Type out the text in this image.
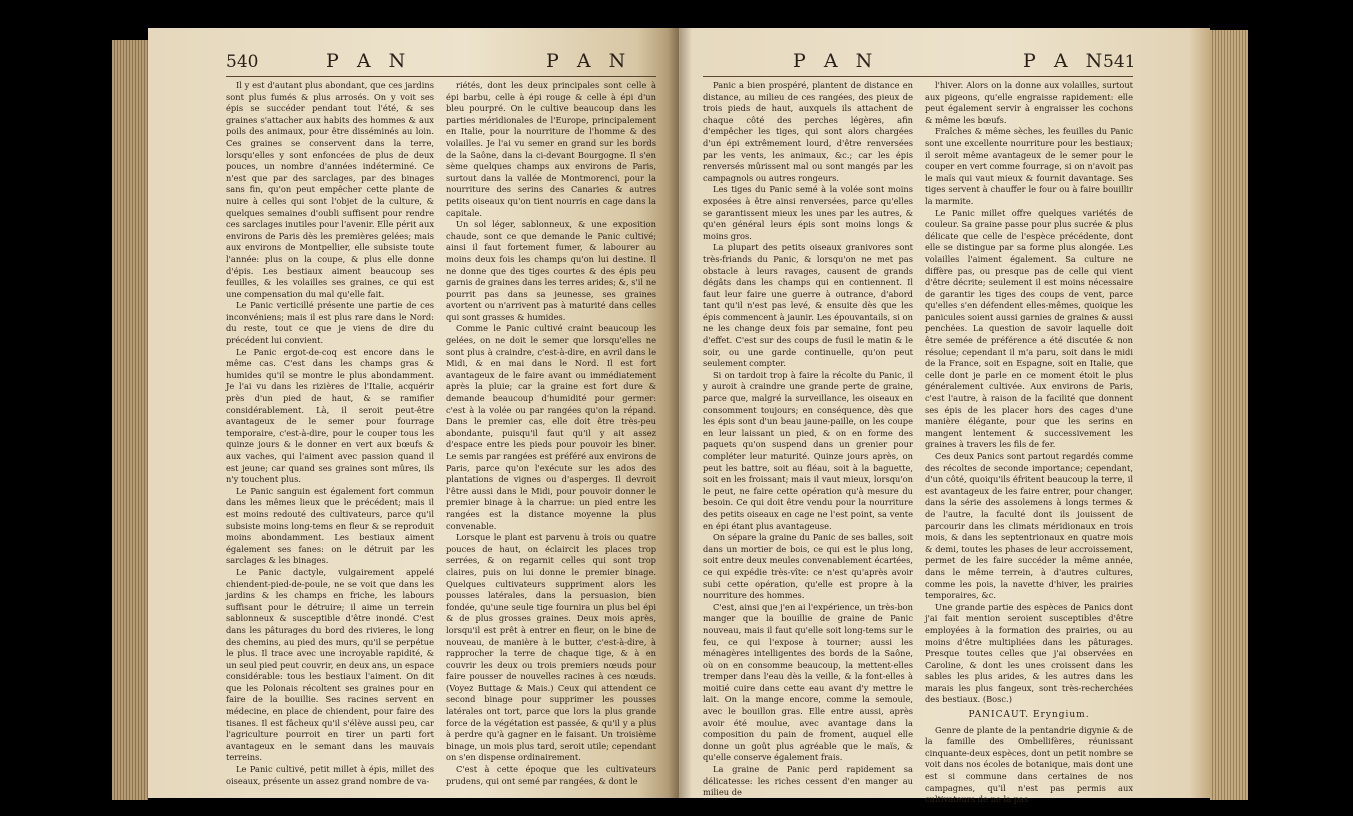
540	P A N	P A N

Il y est d'autant plus abondant, que ces jardins sont plus fumés & plus arrosés. On y voit ses épis se succéder pendant tout l'été, & ses graines s'attacher aux habits des hommes & aux poils des animaux, pour être disséminés au loin. Ces graines se conservent dans la terre, lorsqu'elles y sont enfoncées de plus de deux pouces, un nombre d'années indéterminé. Ce n'est que par des sarclages, par des binages sans fin, qu'on peut empêcher cette plante de nuire à celles qui sont l'objet de la culture, & quelques semaines d'oubli suffisent pour rendre ces sarclages inutiles pour l'avenir. Elle périt aux environs de Paris dès les premières gelées; mais aux environs de Montpellier, elle subsiste toute l'année: plus on la coupe, & plus elle donne d'épis. Les bestiaux aiment beaucoup ses feuilles, & les volailles ses graines, ce qui est une compensation du mal qu'elle fait.

Le Panic verticillé présente une partie de ces inconvéniens; mais il est plus rare dans le Nord: du reste, tout ce que je viens de dire du précédent lui convient.

Le Panic ergot-de-coq est encore dans le même cas. C'est dans les champs gras & humides qu'il se montre le plus abondamment. Je l'ai vu dans les rizières de l'Italie, acquérir près d'un pied de haut, & se ramifier considérablement. Là, il seroit peut-être avantageux de le semer pour fourrage temporaire, c'est-à-dire, pour le couper tous les quinze jours & le donner en vert aux bœufs & aux vaches, qui l'aiment avec passion quand il est jeune; car quand ses graines sont mûres, ils n'y touchent plus.

Le Panic sanguin est également fort commun dans les mêmes lieux que le précédent; mais il est moins redouté des cultivateurs, parce qu'il subsiste moins long-tems en fleur & se reproduit moins abondamment. Les bestiaux aiment également ses fanes: on le détruit par les sarclages & les binages.

Le Panic dactyle, vulgairement appelé chiendent-pied-de-poule, ne se voit que dans les jardins & les champs en friche, les labours suffisant pour le détruire; il aime un terrein sablonneux & susceptible d'être inondé. C'est dans les pâturages du bord des rivieres, le long des chemins, au pied des murs, qu'il se perpétue le plus. Il trace avec une incroyable rapidité, & un seul pied peut couvrir, en deux ans, un espace considérable: tous les bestiaux l'aiment. On dit que les Polonais récoltent ses graines pour en faire de la bouillie. Ses racines servent en médecine, en place de chiendent, pour faire des tisanes. Il est fâcheux qu'il s'élève aussi peu, car l'agriculture pourroit en tirer un parti fort avantageux en le semant dans les mauvais terreins.

Le Panic cultivé, petit millet à épis, millet des oiseaux, présente un assez grand nombre de va-

riétés, dont les deux principales sont celle à épi barbu, celle à épi rouge & celle à épi d'un bleu pourpré. On le cultive beaucoup dans les parties méridionales de l'Europe, principalement en Italie, pour la nourriture de l'homme & des volailles. Je l'ai vu semer en grand sur les bords de la Saône, dans la ci-devant Bourgogne. Il s'en sème quelques champs aux environs de Paris, surtout dans la vallée de Montmorenci, pour la nourriture des serins des Canaries & autres petits oiseaux qu'on tient nourris en cage dans la capitale.

Un sol léger, sablonneux, & une exposition chaude, sont ce que demande le Panic cultivé; ainsi il faut fortement fumer, & labourer au moins deux fois les champs qu'on lui destine. Il ne donne que des tiges courtes & des épis peu garnis de graines dans les terres arides; &, s'il ne pourrit pas dans sa jeunesse, ses graines avortent ou n'arrivent pas à maturité dans celles qui sont grasses & humides.

Comme le Panic cultivé craint beaucoup les gelées, on ne doit le semer que lorsqu'elles ne sont plus à craindre, c'est-à-dire, en avril dans le Midi, & en mai dans le Nord. Il est fort avantageux de le faire avant ou immédiatement après la pluie; car la graine est fort dure & demande beaucoup d'humidité pour germer: c'est à la volée ou par rangées qu'on la répand. Dans le premier cas, elle doit être très-peu abondante, puisqu'il faut qu'il y ait assez d'espace entre les pieds pour pouvoir les biner. Le semis par rangées est préféré aux environs de Paris, parce qu'on l'exécute sur les ados des plantations de vignes ou d'asperges. Il devroit l'être aussi dans le Midi, pour pouvoir donner le premier binage à la charrue: un pied entre les rangées est la distance moyenne la plus convenable.

Lorsque le plant est parvenu à trois ou quatre pouces de haut, on éclaircit les places trop serrées, & on regarnit celles qui sont trop claires, puis on lui donne le premier binage. Quelques cultivateurs suppriment alors les pousses latérales, dans la persuasion, bien fondée, qu'une seule tige fournira un plus bel épi & de plus grosses graines. Deux mois après, lorsqu'il est prêt à entrer en fleur, on le bine de nouveau, de manière à le butter, c'est-à-dire, à rapprocher la terre de chaque tige, & à en couvrir les deux ou trois premiers nœuds pour faire pousser de nouvelles racines à ces nœuds. (Voyez Buttage & Mais.) Ceux qui attendent ce second binage pour supprimer les pousses latérales ont tort, parce que lors la plus grande force de la végétation est passée, & qu'il y a plus à perdre qu'à gagner en le faisant. Un troisième binage, un mois plus tard, seroit utile; cependant on s'en dispense ordinairement.

C'est à cette époque que les cultivateurs prudens, qui ont semé par rangées, & dont le

P A N	P A N
541

Panic a bien prospéré, plantent de distance en distance, au milieu de ces rangées, des pieux de trois pieds de haut, auxquels ils attachent de chaque côté des perches légères, afin d'empêcher les tiges, qui sont alors chargées d'un épi extrêmement lourd, d'être renversées par les vents, les animaux, &c.; car les épis renversés mûrissent mal ou sont mangés par les campagnols ou autres rongeurs.

Les tiges du Panic semé à la volée sont moins exposées à être ainsi renversées, parce qu'elles se garantissent mieux les unes par les autres, & qu'en général leurs épis sont moins longs & moins gros.

La plupart des petits oiseaux granivores sont très-friands du Panic, & lorsqu'on ne met pas obstacle à leurs ravages, causent de grands dégâts dans les champs qui en contiennent. Il faut leur faire une guerre à outrance, d'abord tant qu'il n'est pas levé, & ensuite dès que les épis commencent à jaunir. Les épouvantails, si on ne les change deux fois par semaine, font peu d'effet. C'est sur des coups de fusil le matin & le soir, ou une garde continuelle, qu'on peut seulement compter.

Si on tardoit trop à faire la récolte du Panic, il y auroit à craindre une grande perte de graine, parce que, malgré la surveillance, les oiseaux en consomment toujours; en conséquence, dès que les épis sont d'un beau jaune-paille, on les coupe en leur laissant un pied, & on en forme des paquets qu'on suspend dans un grenier pour compléter leur maturité. Quinze jours après, on peut les battre, soit au fléau, soit à la baguette, soit en les froissant; mais il vaut mieux, lorsqu'on le peut, ne faire cette opération qu'à mesure du besoin. Ce qui doit être vendu pour la nourriture des petits oiseaux en cage ne l'est point, sa vente en épi étant plus avantageuse.

On sépare la graine du Panic de ses balles, soit dans un mortier de bois, ce qui est le plus long, soit entre deux meules convenablement écartées, ce qui expédie très-vîte: ce n'est qu'après avoir subi cette opération, qu'elle est propre à la nourriture des hommes.

C'est, ainsi que j'en ai l'expérience, un très-bon manger que la bouillie de graine de Panic nouveau, mais il faut qu'elle soit long-tems sur le feu, ce qui l'expose à tourner; aussi les ménagères intelligentes des bords de la Saône, où on en consomme beaucoup, la mettent-elles tremper dans l'eau dès la veille, & la font-elles à moitié cuire dans cette eau avant d'y mettre le lait. On la mange encore, comme la semoule, avec le bouillon gras. Elle entre aussi, après avoir été moulue, avec avantage dans la composition du pain de froment, auquel elle donne un goût plus agréable que le maïs, & qu'elle conserve également frais.

La graine de Panic perd rapidement sa délicatesse: les riches cessent d'en manger au milieu de

l'hiver. Alors on la donne aux volailles, surtout aux pigeons, qu'elle engraisse rapidement: elle peut également servir à engraisser les cochons & même les bœufs.

Fraîches & même sèches, les feuilles du Panic sont une excellente nourriture pour les bestiaux; il seroit même avantageux de le semer pour le couper en vert comme fourrage, si on n'avoit pas le maïs qui vaut mieux & fournit davantage. Ses tiges servent à chauffer le four ou à faire bouillir la marmite.

Le Panic millet offre quelques variétés de couleur. Sa graine passe pour plus sucrée & plus délicate que celle de l'espèce précédente, dont elle se distingue par sa forme plus alongée. Les volailles l'aiment également. Sa culture ne diffère pas, ou presque pas de celle qui vient d'être décrite; seulement il est moins nécessaire de garantir les tiges des coups de vent, parce qu'elles s'en défendent elles-mêmes, quoique les panicules soient aussi garnies de graines & aussi penchées. La question de savoir laquelle doit être semée de préférence a été discutée & non résolue; cependant il m'a paru, soit dans le midi de la France, soit en Espagne, soit en Italie, que celle dont je parle en ce moment étoit le plus généralement cultivée. Aux environs de Paris, c'est l'autre, à raison de la facilité que donnent ses épis de les placer hors des cages d'une manière élégante, pour que les serins en mangent lentement & successivement les graines à travers les fils de fer.

Ces deux Panics sont partout regardés comme des récoltes de seconde importance; cependant, d'un côté, quoiqu'ils éfritent beaucoup la terre, il est avantageux de les faire entrer, pour changer, dans la série des assolemens à longs termes & de l'autre, la faculté dont ils jouissent de parcourir dans les climats méridionaux en trois mois, & dans les septentrionaux en quatre mois & demi, toutes les phases de leur accroissement, permet de les faire succéder la même année, dans le même terrein, à d'autres cultures, comme les pois, la navette d'hiver, les prairies temporaires, &c.

Une grande partie des espèces de Panics dont j'ai fait mention seroient susceptibles d'être employées à la formation des prairies, ou au moins d'être multipliées dans les pâturages. Presque toutes celles que j'ai observées en Caroline, & dont les unes croissent dans les sables les plus arides, & les autres dans les marais les plus fangeux, sont très-recherchées des bestiaux. (Bosc.)

PANICAUT. Eryngium.

Genre de plante de la pentandrie digynie & de la famille des Ombellifères, réunissant cinquante-deux espèces, dont un petit nombre se voit dans nos écoles de botanique, mais dont une est si commune dans certaines de nos campagnes, qu'il n'est pas permis aux cultivateurs de ne la pas
